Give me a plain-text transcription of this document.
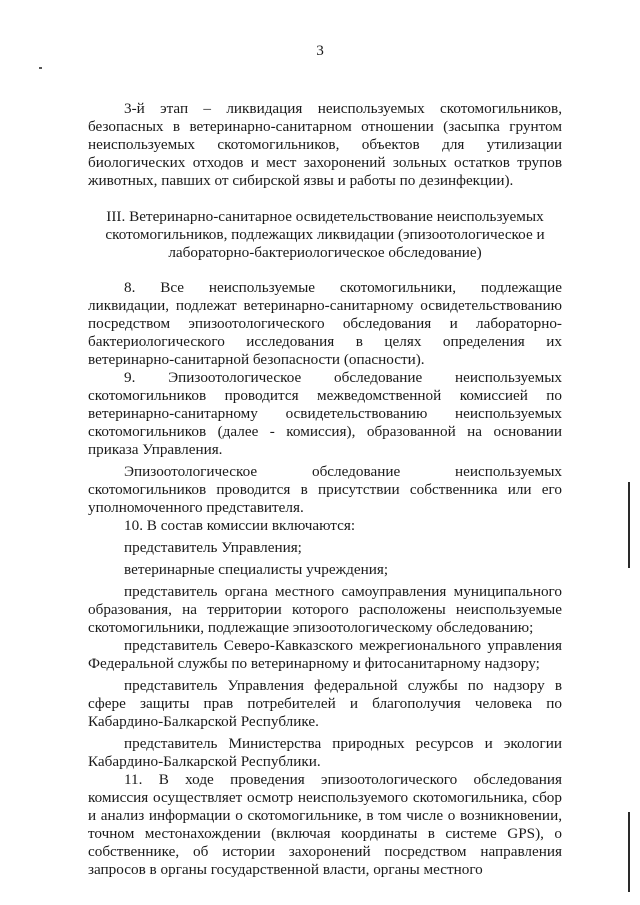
3

3-й этап – ликвидация неиспользуемых скотомогильников, безопасных в ветеринарно-санитарном отношении (засыпка грунтом неиспользуемых скотомогильников, объектов для утилизации биологических отходов и мест захоронений зольных остатков трупов животных, павших от сибирской язвы и работы по дезинфекции).

III. Ветеринарно-санитарное освидетельствование неиспользуемых скотомогильников, подлежащих ликвидации (эпизоотологическое и лабораторно-бактериологическое обследование)

8. Все неиспользуемые скотомогильники, подлежащие ликвидации, подлежат ветеринарно-санитарному освидетельствованию посредством эпизоотологического обследования и лабораторно-бактериологического исследования в целях определения их ветеринарно-санитарной безопасности (опасности).

9. Эпизоотологическое обследование неиспользуемых скотомогильников проводится межведомственной комиссией по ветеринарно-санитарному освидетельствованию неиспользуемых скотомогильников (далее - комиссия), образованной на основании приказа Управления.

Эпизоотологическое обследование неиспользуемых скотомогильников проводится в присутствии собственника или его уполномоченного представителя.

10. В состав комиссии включаются:

представитель Управления;

ветеринарные специалисты учреждения;

представитель органа местного самоуправления муниципального образования, на территории которого расположены неиспользуемые скотомогильники, подлежащие эпизоотологическому обследованию;

представитель Северо-Кавказского межрегионального управления Федеральной службы по ветеринарному и фитосанитарному надзору;

представитель Управления федеральной службы по надзору в сфере защиты прав потребителей и благополучия человека по Кабардино-Балкарской Республике.

представитель Министерства природных ресурсов и экологии Кабардино-Балкарской Республики.

11. В ходе проведения эпизоотологического обследования комиссия осуществляет осмотр неиспользуемого скотомогильника, сбор и анализ информации о скотомогильнике, в том числе о возникновении, точном местонахождении (включая координаты в системе GPS), о собственнике, об истории захоронений посредством направления запросов в органы государственной власти, органы местного
